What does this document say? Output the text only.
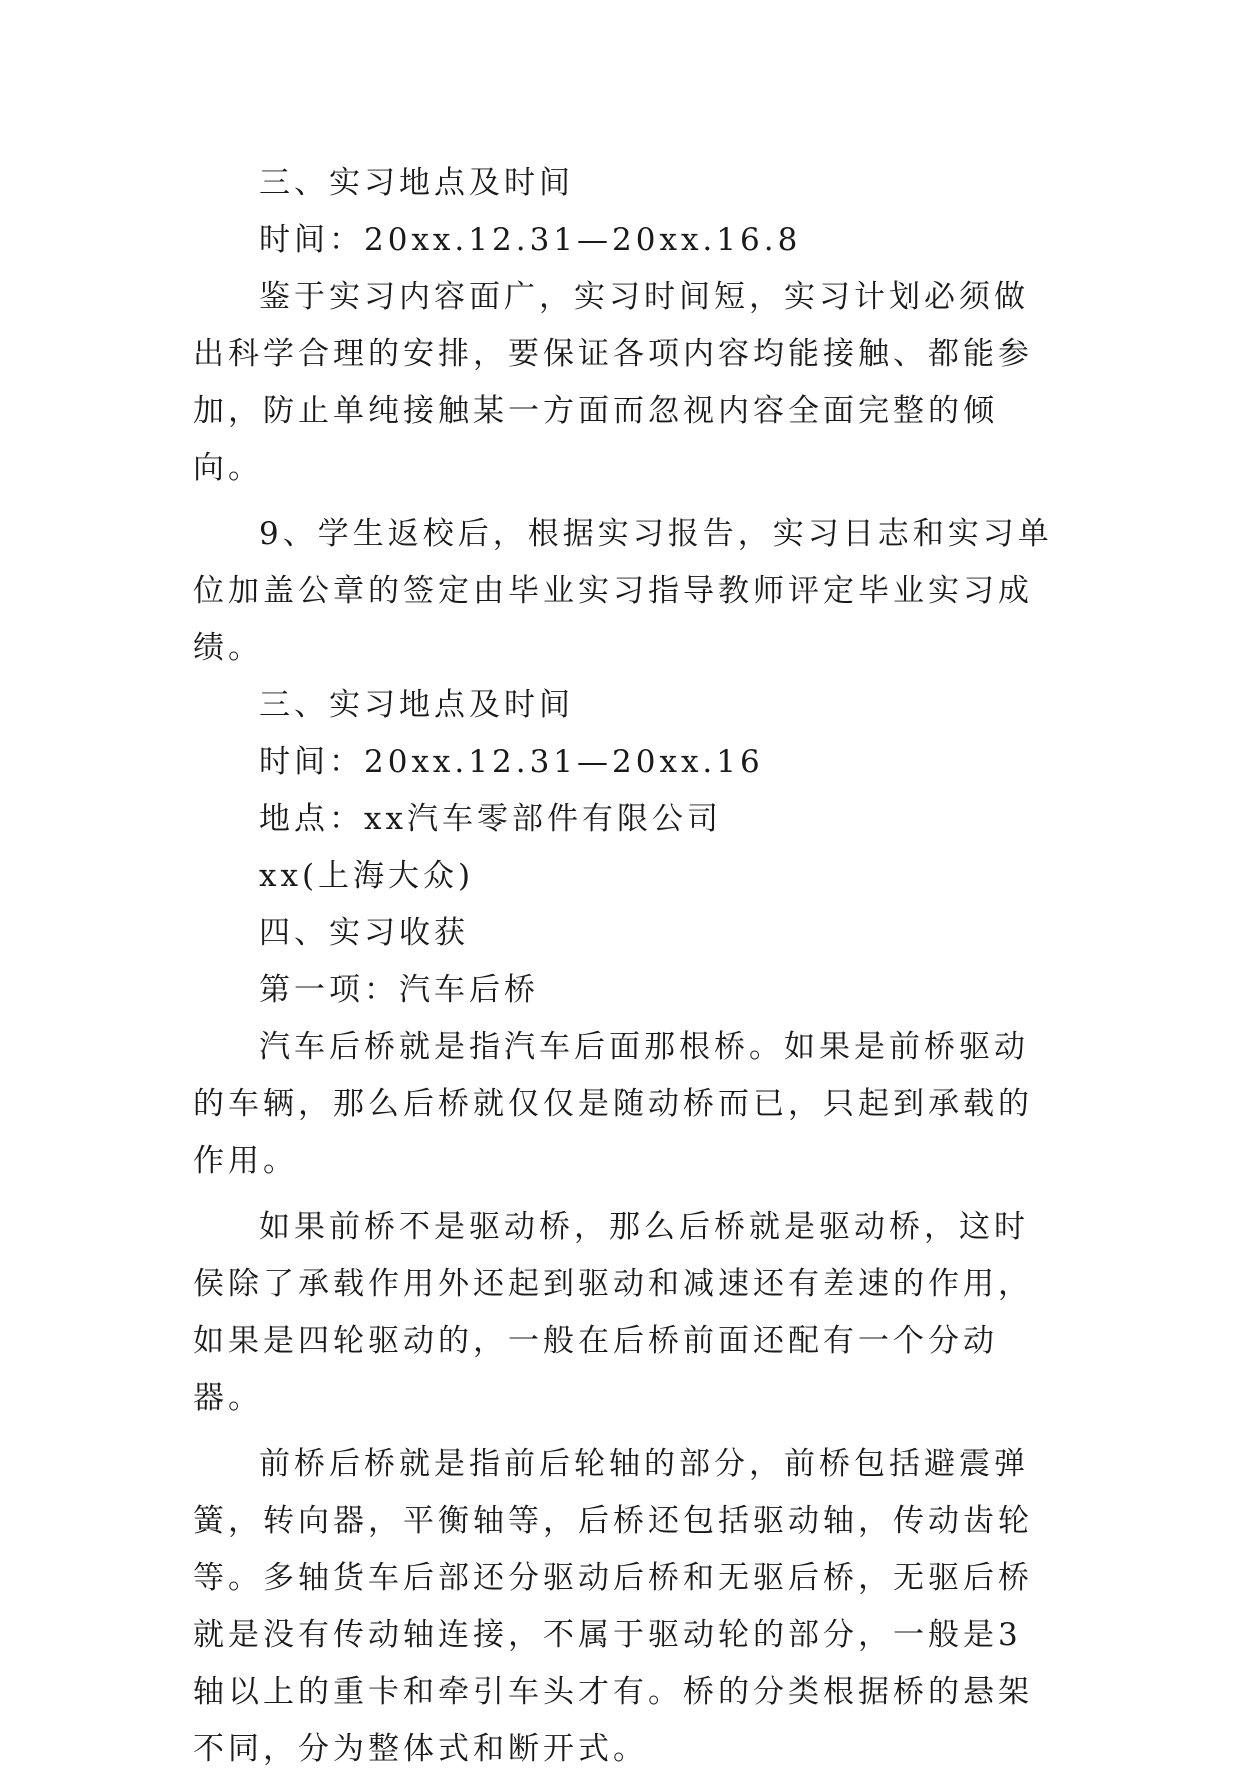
三、实习地点及时间

时间：20xx.12.31—20xx.16.8

鉴于实习内容面广，实习时间短，实习计划必须做出科学合理的安排，要保证各项内容均能接触、都能参加，防止单纯接触某一方面而忽视内容全面完整的倾向。

9、学生返校后，根据实习报告，实习日志和实习单位加盖公章的签定由毕业实习指导教师评定毕业实习成绩。

三、实习地点及时间

时间：20xx.12.31—20xx.16

地点：xx汽车零部件有限公司

xx(上海大众)

四、实习收获

第一项：汽车后桥

汽车后桥就是指汽车后面那根桥。如果是前桥驱动的车辆，那么后桥就仅仅是随动桥而已，只起到承载的作用。

如果前桥不是驱动桥，那么后桥就是驱动桥，这时侯除了承载作用外还起到驱动和减速还有差速的作用，如果是四轮驱动的，一般在后桥前面还配有一个分动器。

前桥后桥就是指前后轮轴的部分，前桥包括避震弹簧，转向器，平衡轴等，后桥还包括驱动轴，传动齿轮等。多轴货车后部还分驱动后桥和无驱后桥，无驱后桥就是没有传动轴连接，不属于驱动轮的部分，一般是3轴以上的重卡和牵引车头才有。桥的分类根据桥的悬架不同，分为整体式和断开式。
